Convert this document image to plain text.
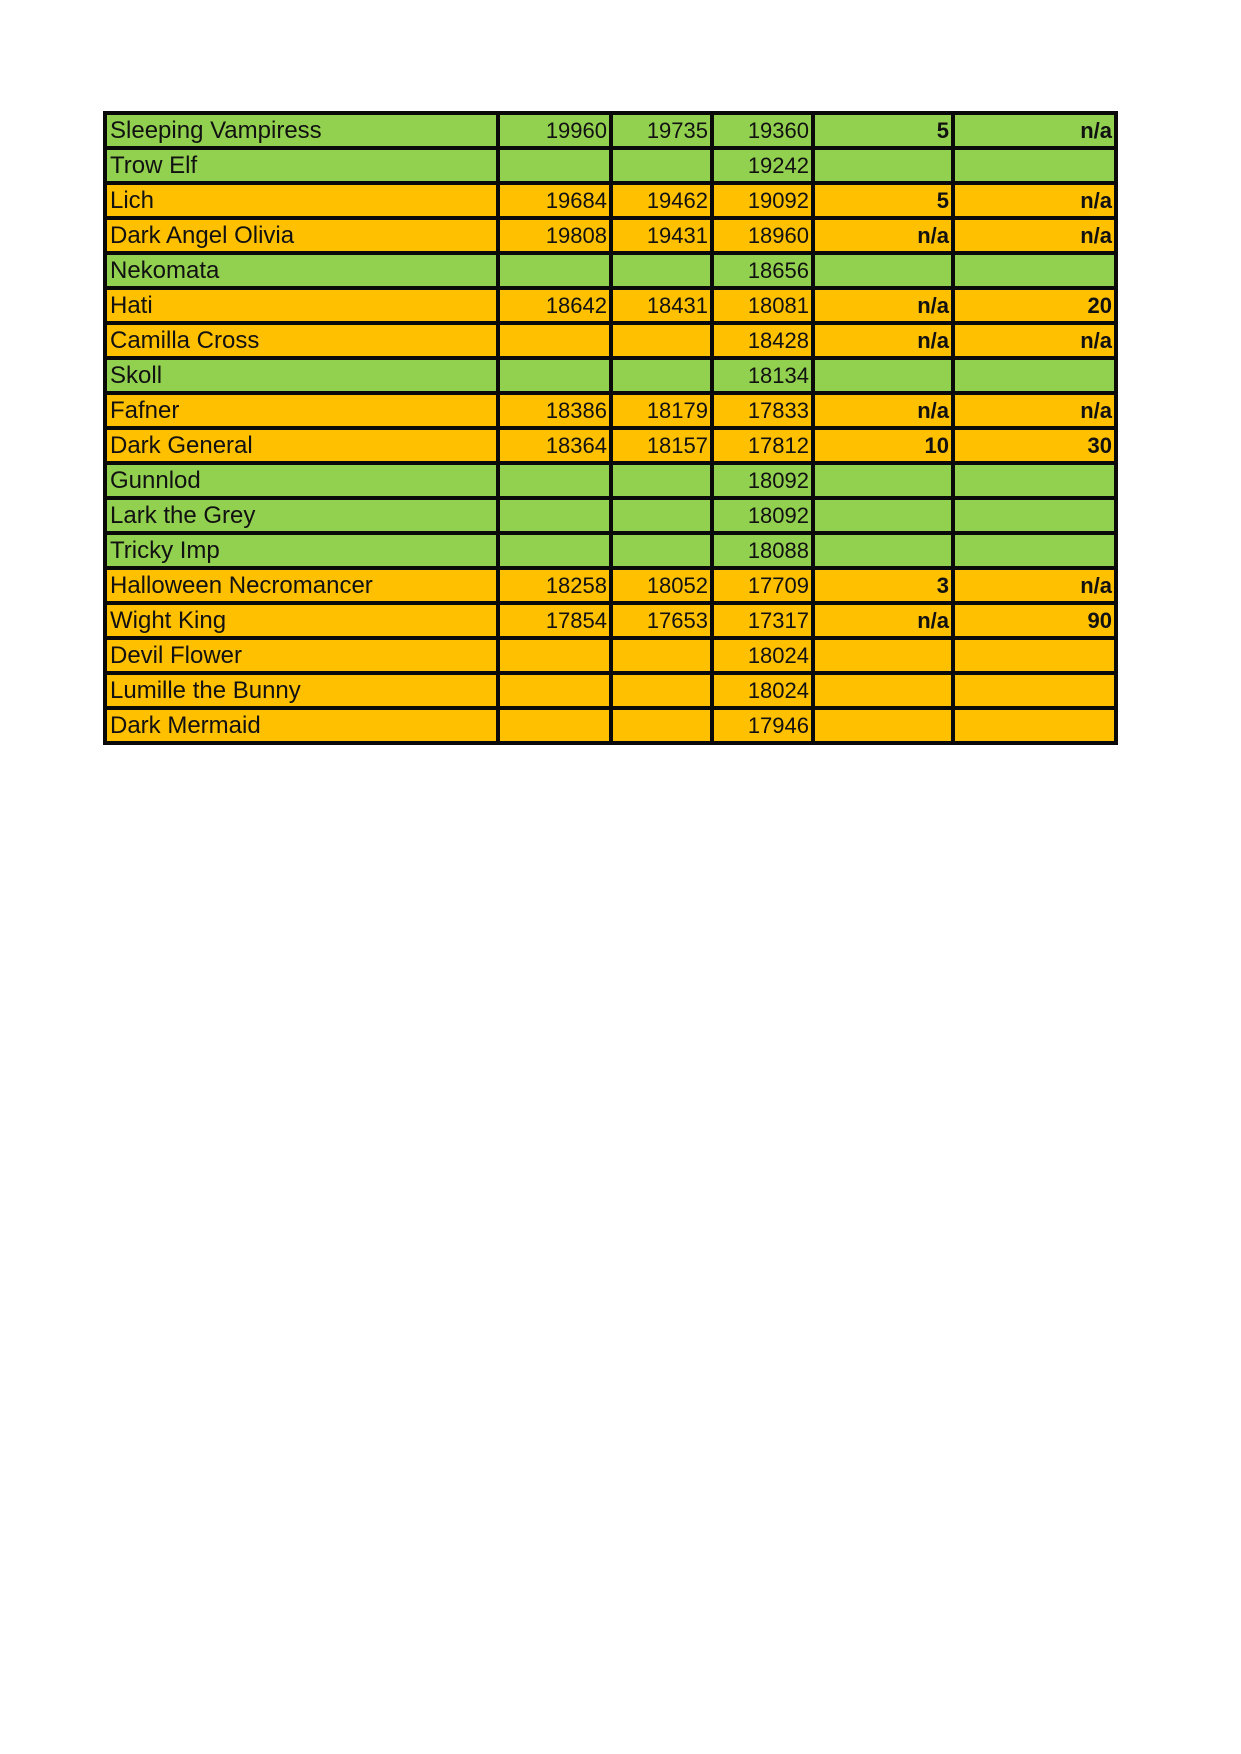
Sleeping Vampiress	19960	19735	19360	5	n/a
Trow Elf			19242		
Lich	19684	19462	19092	5	n/a
Dark Angel Olivia	19808	19431	18960	n/a	n/a
Nekomata			18656		
Hati	18642	18431	18081	n/a	20
Camilla Cross			18428	n/a	n/a
Skoll			18134		
Fafner	18386	18179	17833	n/a	n/a
Dark General	18364	18157	17812	10	30
Gunnlod			18092		
Lark the Grey			18092		
Tricky Imp			18088		
Halloween Necromancer	18258	18052	17709	3	n/a
Wight King	17854	17653	17317	n/a	90
Devil Flower			18024		
Lumille the Bunny			18024		
Dark Mermaid			17946		
